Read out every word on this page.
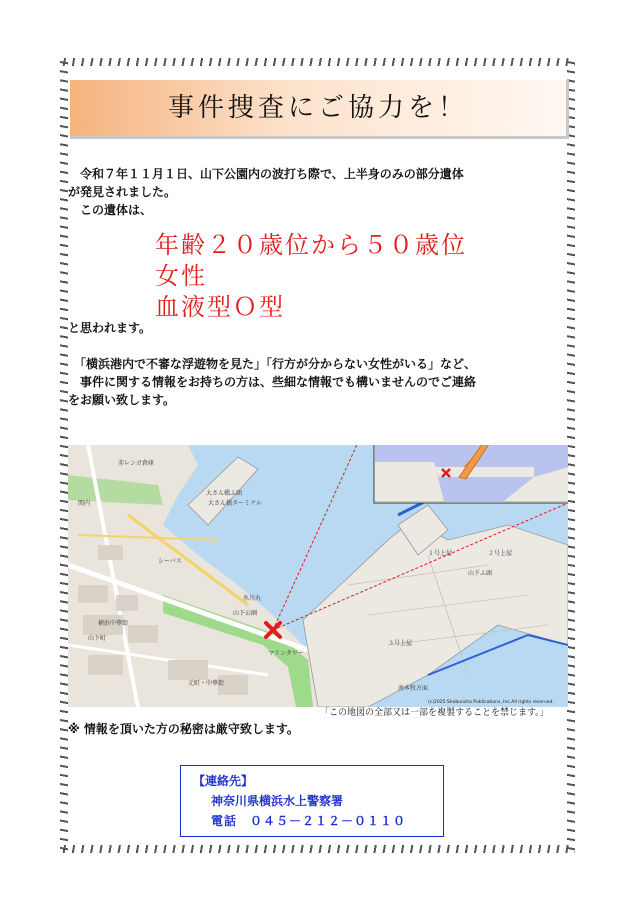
事件捜査にご協力を！
　令和７年１１月１日、山下公園内の波打ち際で、上半身のみの部分遺体
が発見されました。
　この遺体は、
年齢２０歳位から５０歳位
女性
血液型Ｏ型
と思われます。
　「横浜港内で不審な浮遊物を見た」「行方が分からない女性がいる」など、
　事件に関する情報をお持ちの方は、些細な情報でも構いませんのでご連絡
をお願い致します。
横浜中華街
山下公園
大さん橋ふ頭
大さん橋ターミナル
山下ふ頭
マリンタワー
元町・中華街
氷川丸
シーバス
赤レンガ倉庫
山下町
関内
１号上屋	２号上屋
３号上屋
南本牧方面
(c)2025 Shobunsha Publications, Inc.All rights reserved.
「この地図の全部又は一部を複製することを禁じます。」
※ 情報を頂いた方の秘密は厳守致します。
【連絡先】
神奈川県横浜水上警察署
電話　０４５－２１２－０１１０
